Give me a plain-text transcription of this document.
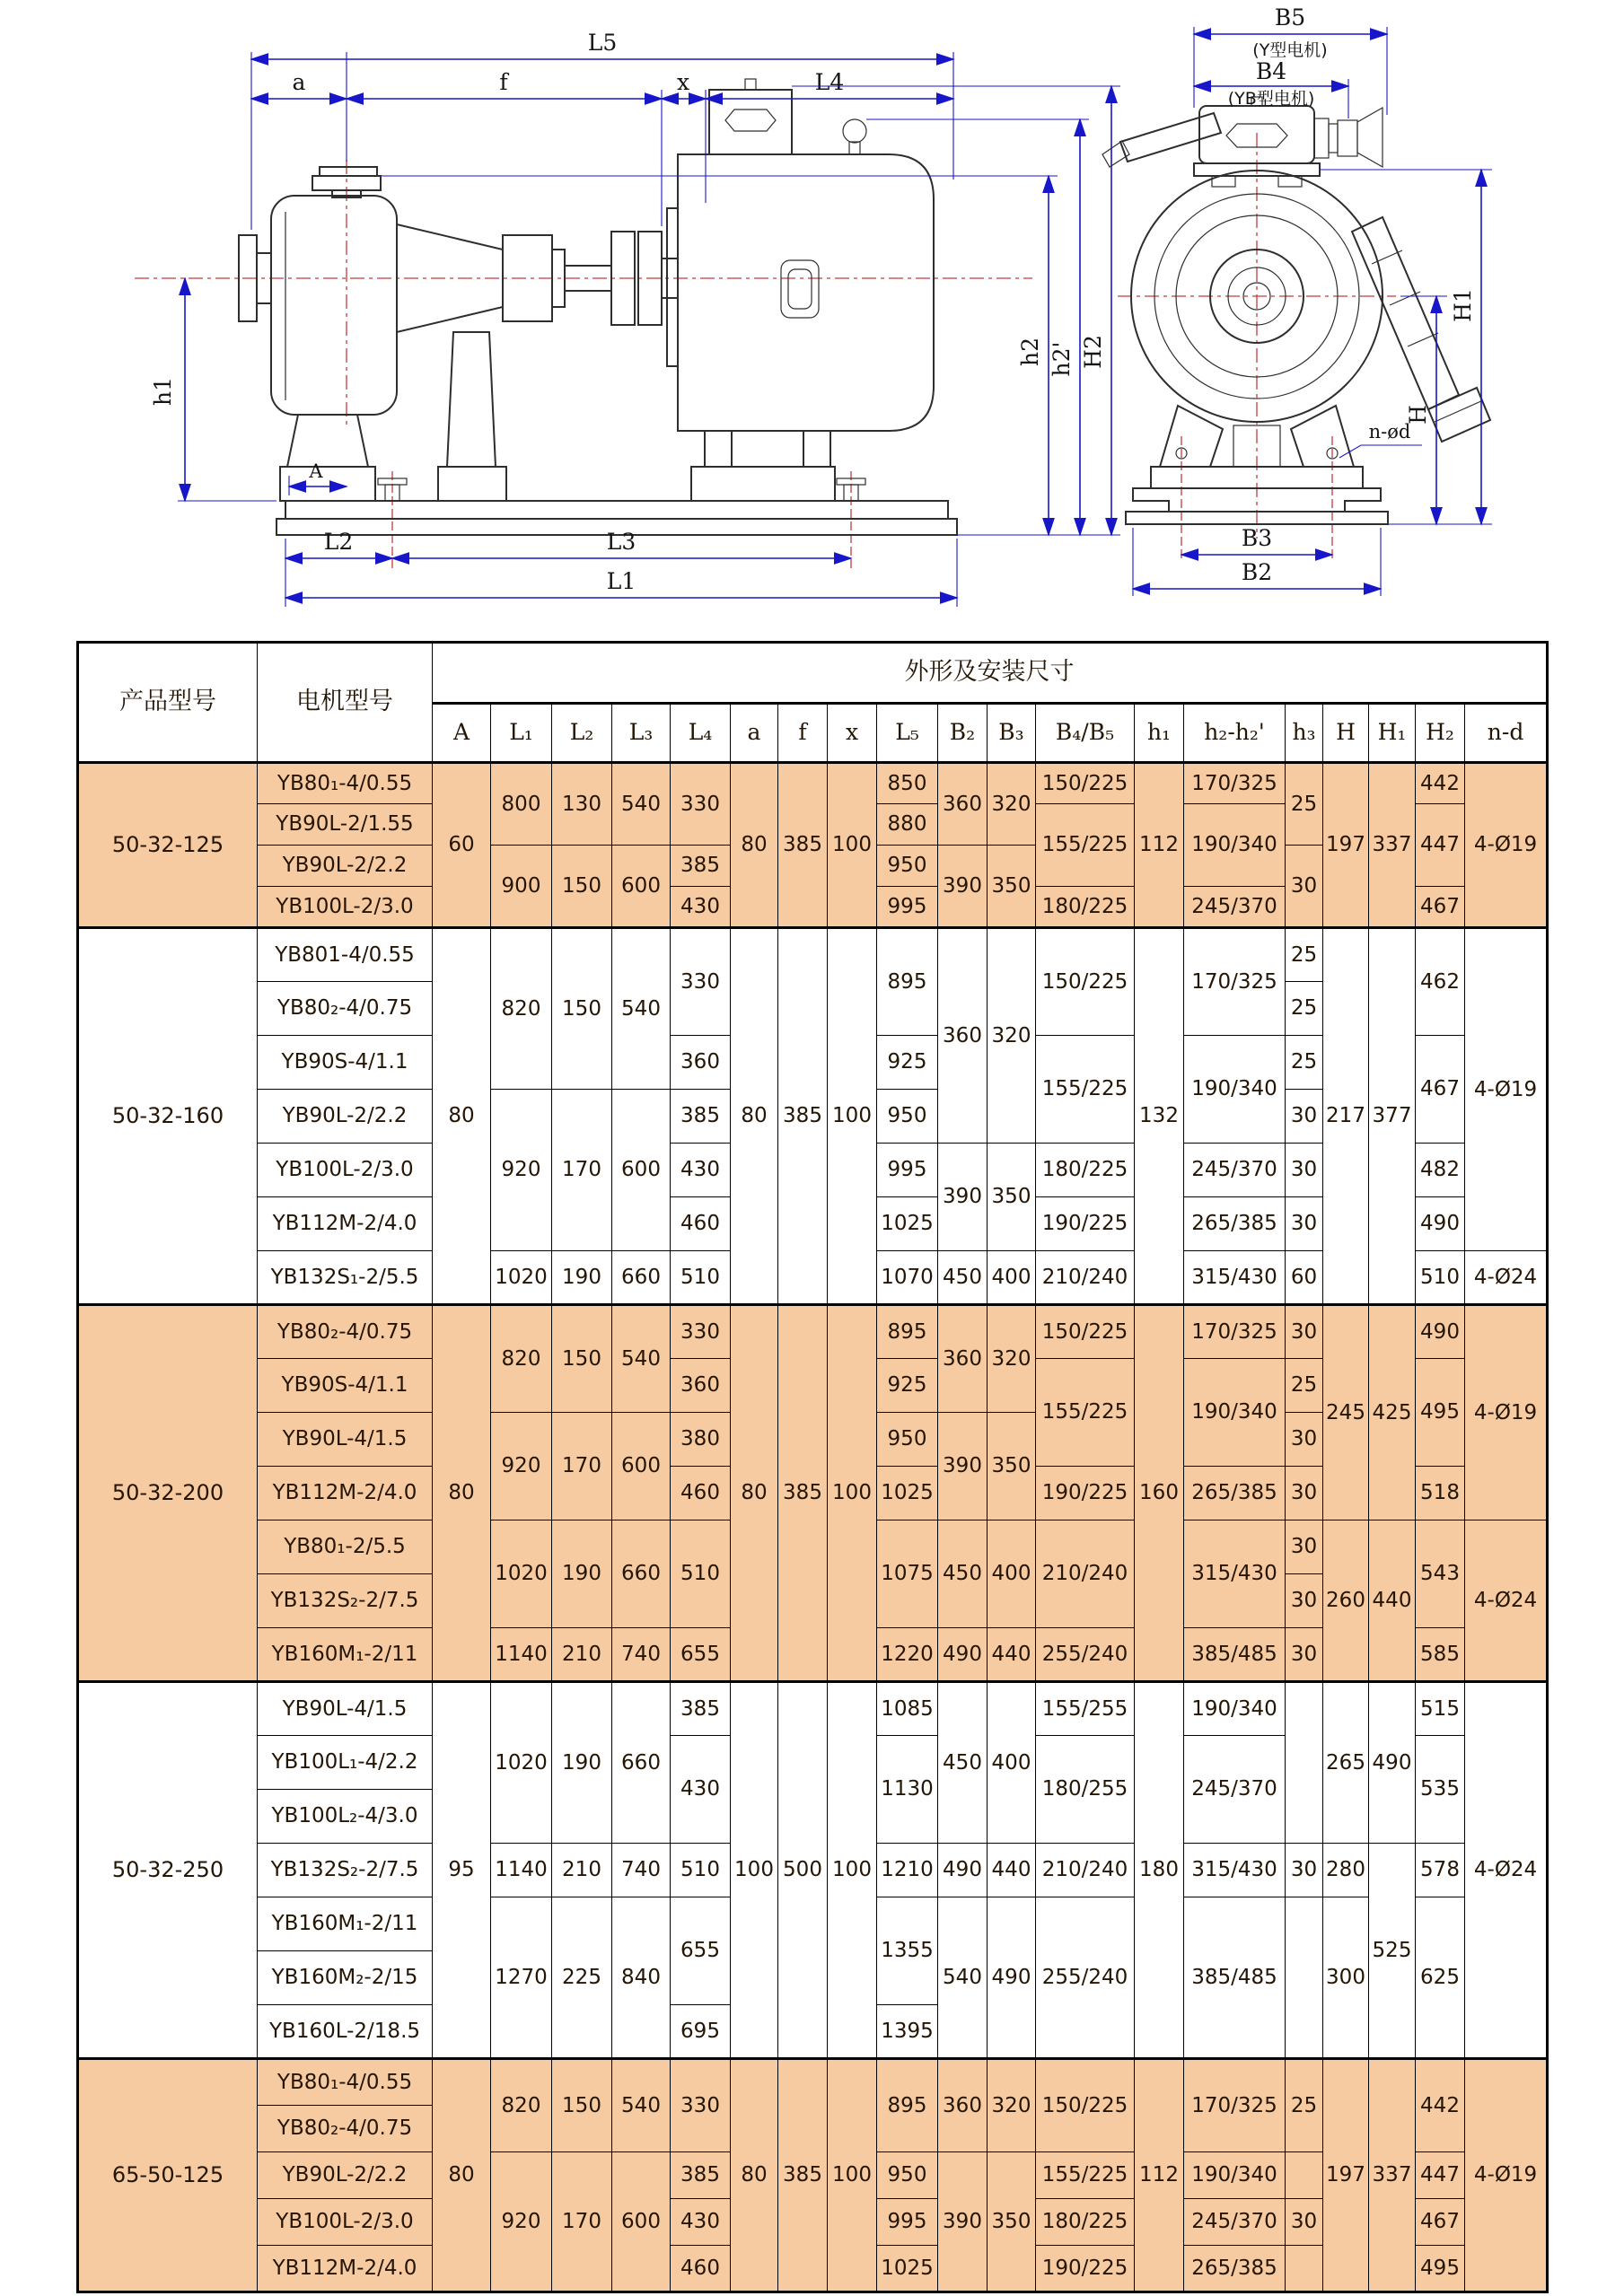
L5
a	f	x	L4
h1
h2 h2' H2
A
L2	L3
L1
B5
(Y型电机)
B4
(YB型电机)
B3
B2
H
H1
n-ød
产品型号	电机型号	外形及安装尺寸																		
		A	L₁	L₂	L₃	L₄	a	f	x	L₅	B₂	B₃	B₄/B₅	h₁	h₂-h₂'	h₃	H	H₁	H₂	n-d
50-32-125	YB80₁-4/0.55	60	800	130	540	330	80	385	100	850	360	320	150/225	112	170/325	25	197	337	442	4-Ø19
	YB90L-2/1.55									880			155/225		190/340				447	
	YB90L-2/2.2		900	150	600	385				950	390	350				30				
	YB100L-2/3.0					430				995			180/225		245/370				467	
50-32-160	YB801-4/0.55	80	820	150	540	330	80	385	100	895	360	320	150/225	132	170/325	25	217	377	462	4-Ø19
	YB80₂-4/0.75															25				
	YB90S-4/1.1					360				925			155/225		190/340	25			467	
	YB90L-2/2.2		920	170	600	385				950						30				
	YB100L-2/3.0					430				995	390	350	180/225		245/370	30			482	
	YB112M-2/4.0					460				1025			190/225		265/385	30			490	
	YB132S₁-2/5.5		1020	190	660	510				1070	450	400	210/240		315/430	60			510	4-Ø24
50-32-200	YB80₂-4/0.75	80	820	150	540	330	80	385	100	895	360	320	150/225	160	170/325	30	245	425	490	4-Ø19
	YB90S-4/1.1					360				925			155/225		190/340	25			495	
	YB90L-4/1.5		920	170	600	380				950	390	350				30				
	YB112M-2/4.0					460				1025			190/225		265/385	30			518	
	YB80₁-2/5.5		1020	190	660	510				1075	450	400	210/240		315/430	30	260	440	543	4-Ø24
	YB132S₂-2/7.5															30				
	YB160M₁-2/11		1140	210	740	655				1220	490	440	255/240		385/485	30			585	
50-32-250	YB90L-4/1.5	95	1020	190	660	385	100	500	100	1085	450	400	155/255	180	190/340		265	490	515	4-Ø24
	YB100L₁-4/2.2					430				1130			180/255		245/370				535	
	YB100L₂-4/3.0																			
	YB132S₂-2/7.5		1140	210	740	510				1210	490	440	210/240		315/430	30	280	525	578	
	YB160M₁-2/11		1270	225	840	655				1355	540	490	255/240		385/485		300		625	
	YB160M₂-2/15																			
	YB160L-2/18.5					695				1395										
65-50-125	YB80₁-4/0.55	80	820	150	540	330	80	385	100	895	360	320	150/225	112	170/325	25	197	337	442	4-Ø19
	YB80₂-4/0.75																			
	YB90L-2/2.2		920	170	600	385				950	390	350	155/225		190/340				447	
	YB100L-2/3.0					430				995			180/225		245/370	30			467	
	YB112M-2/4.0					460				1025			190/225		265/385				495	
